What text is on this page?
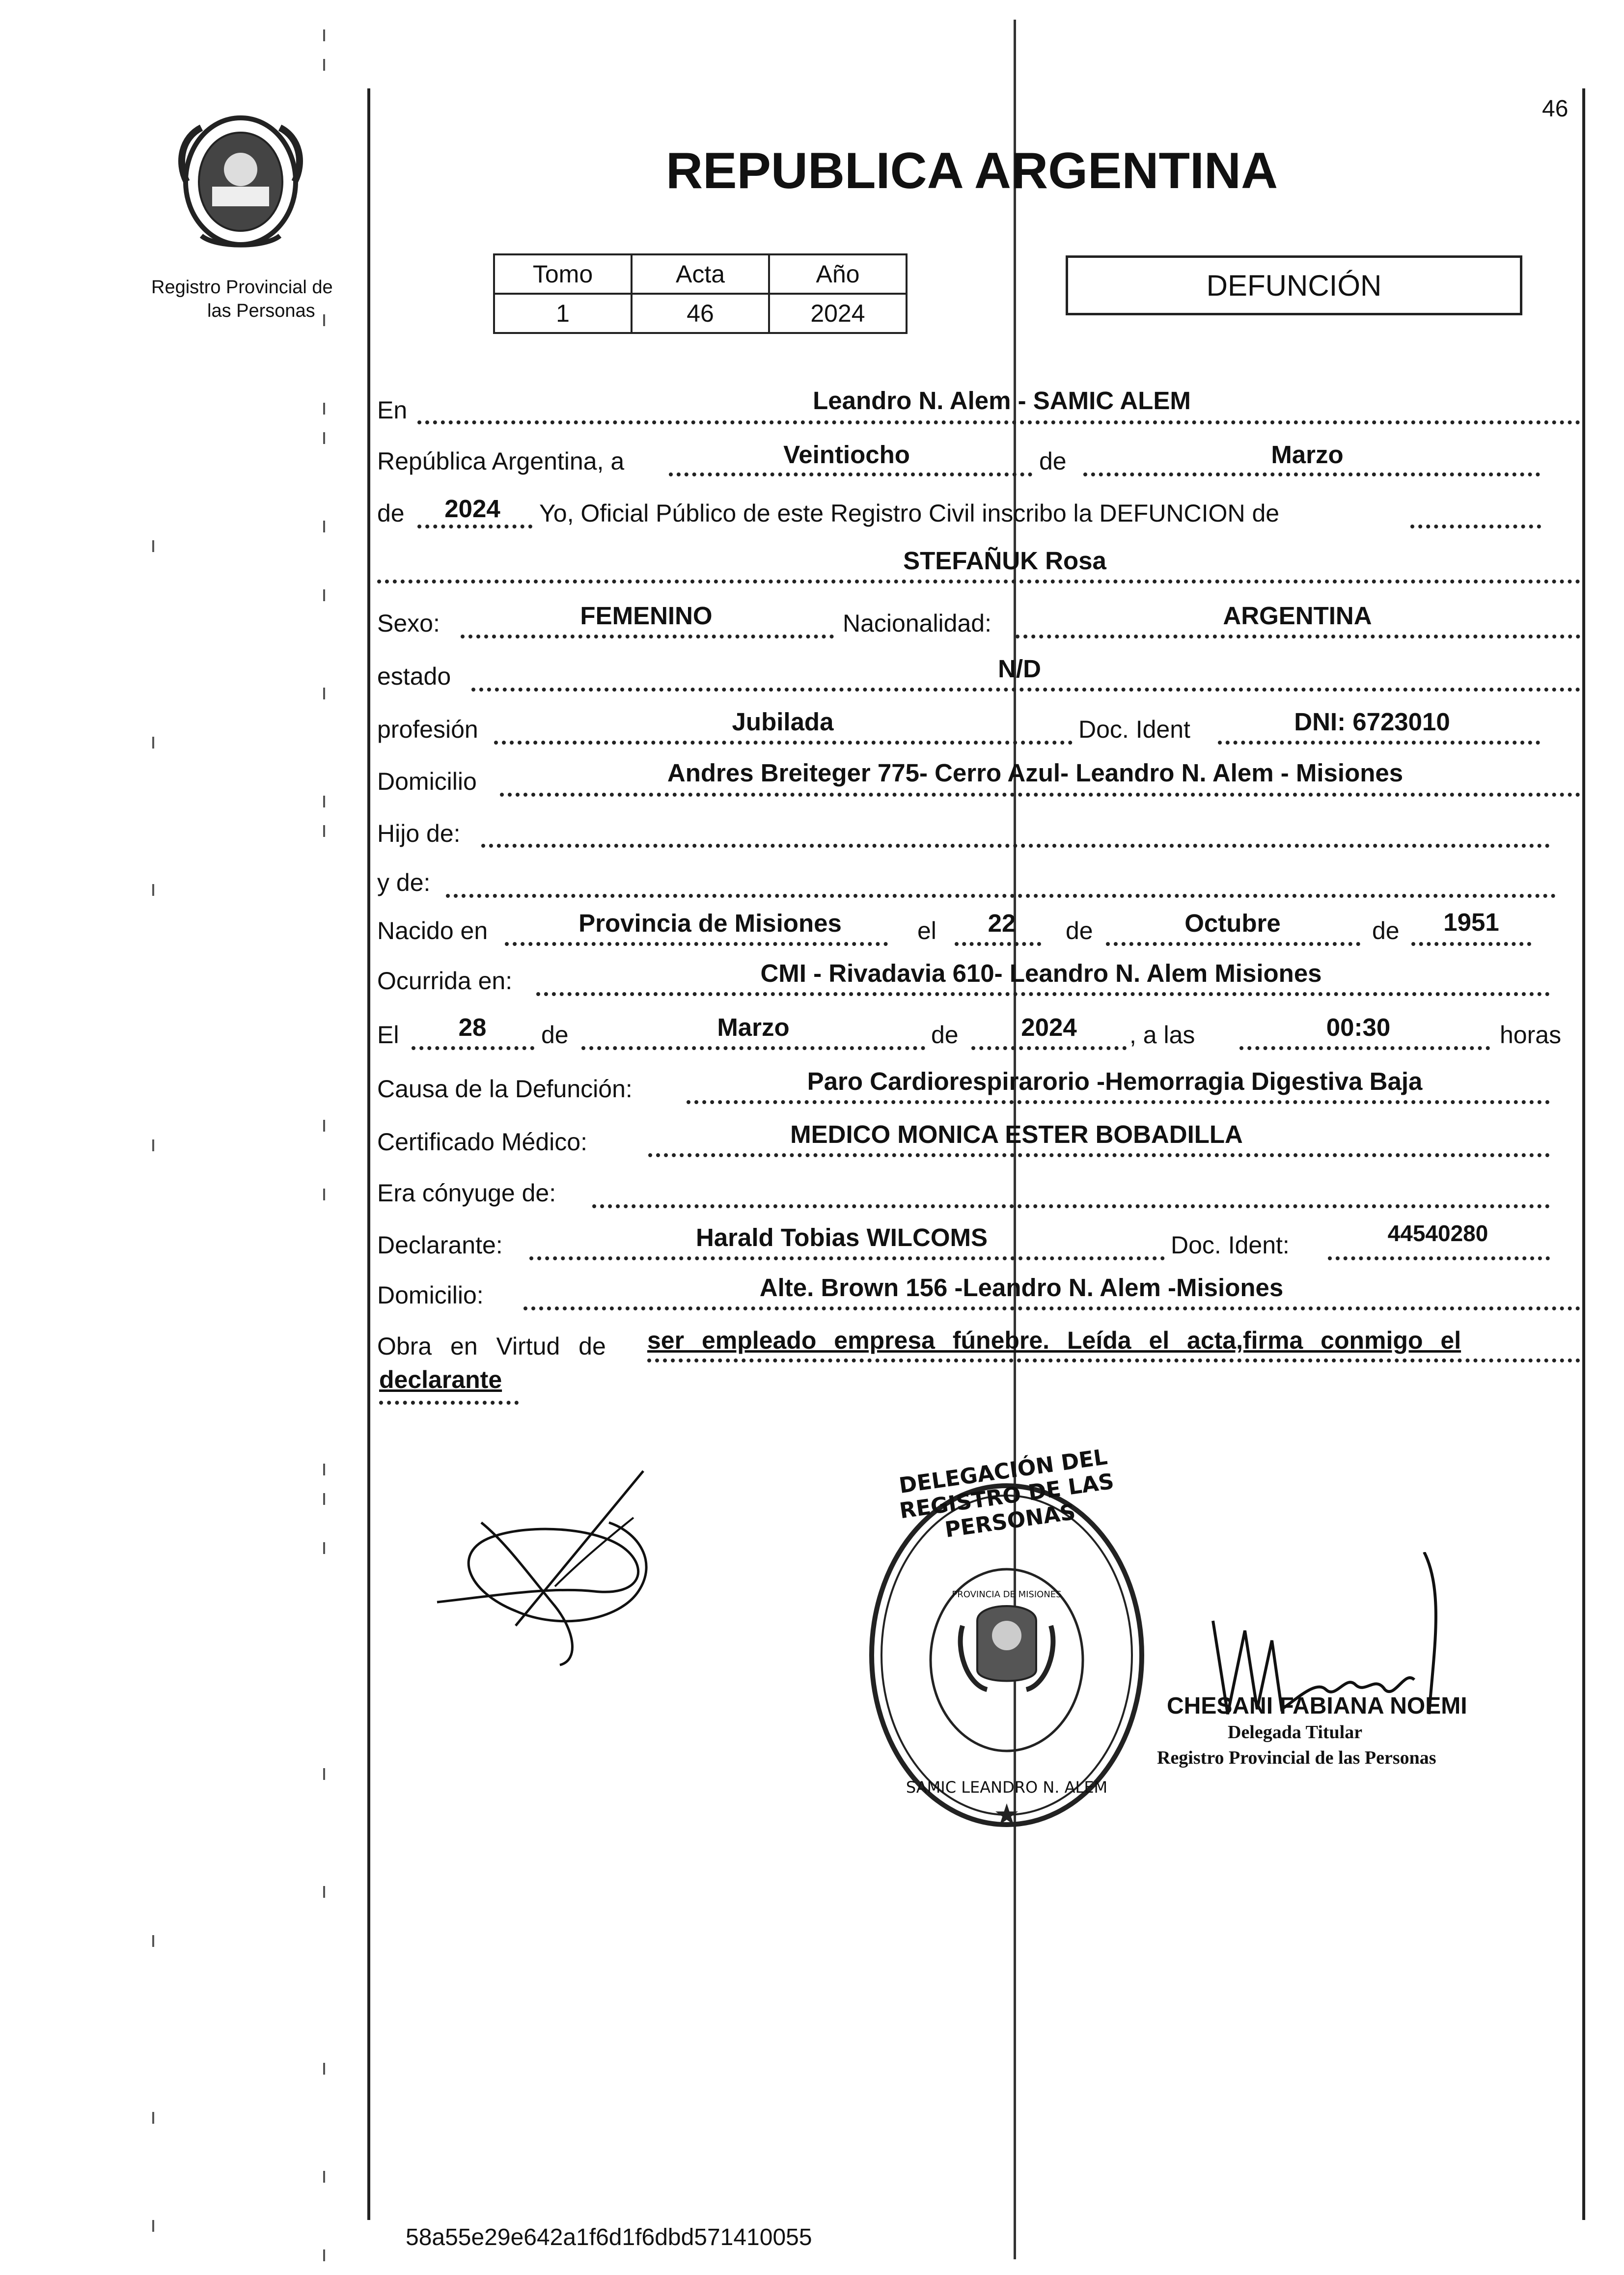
46
Registro Provincial de
las Personas
REPUBLICA ARGENTINA
Tomo	Acta	Año
1	46	2024
DEFUNCIÓN
En	Leandro N. Alem - SAMIC ALEM
República Argentina, a	Veintiocho	de	Marzo
de 2024 Yo, Oficial Público de este Registro Civil inscribo la DEFUNCION de
STEFAÑUK Rosa
Sexo:	FEMENINO	Nacionalidad:	ARGENTINA
estado	N/D
profesión	Jubilada	Doc. Ident	DNI: 6723010
Domicilio	Andres Breiteger 775- Cerro Azul- Leandro N. Alem - Misiones
Hijo de:
y de:
Nacido en	Provincia de Misiones	el 22 de	Octubre	de 1951
Ocurrida en:	CMI - Rivadavia 610- Leandro N. Alem Misiones
El 28 de	Marzo	de	2024 , a las	00:30	horas
Causa de la Defunción:	Paro Cardiorespirarorio -Hemorragia Digestiva Baja
Certificado Médico:	MEDICO MONICA ESTER BOBADILLA
Era cónyuge de:
Declarante:	Harald Tobias WILCOMS	Doc. Ident:	44540280
Domicilio:	Alte. Brown 156 -Leandro N. Alem -Misiones
Obra en Virtud de ser empleado empresa fúnebre. Leída el acta,firma conmigo el
declarante
★
DELEGACIÓN DEL REGISTRO DE LAS PERSONAS
SAMIC LEANDRO N. ALEM
PROVINCIA DE MISIONES
CHESANI FABIANA NOEMI
Delegada Titular
Registro Provincial de las Personas
58a55e29e642a1f6d1f6dbd571410055
